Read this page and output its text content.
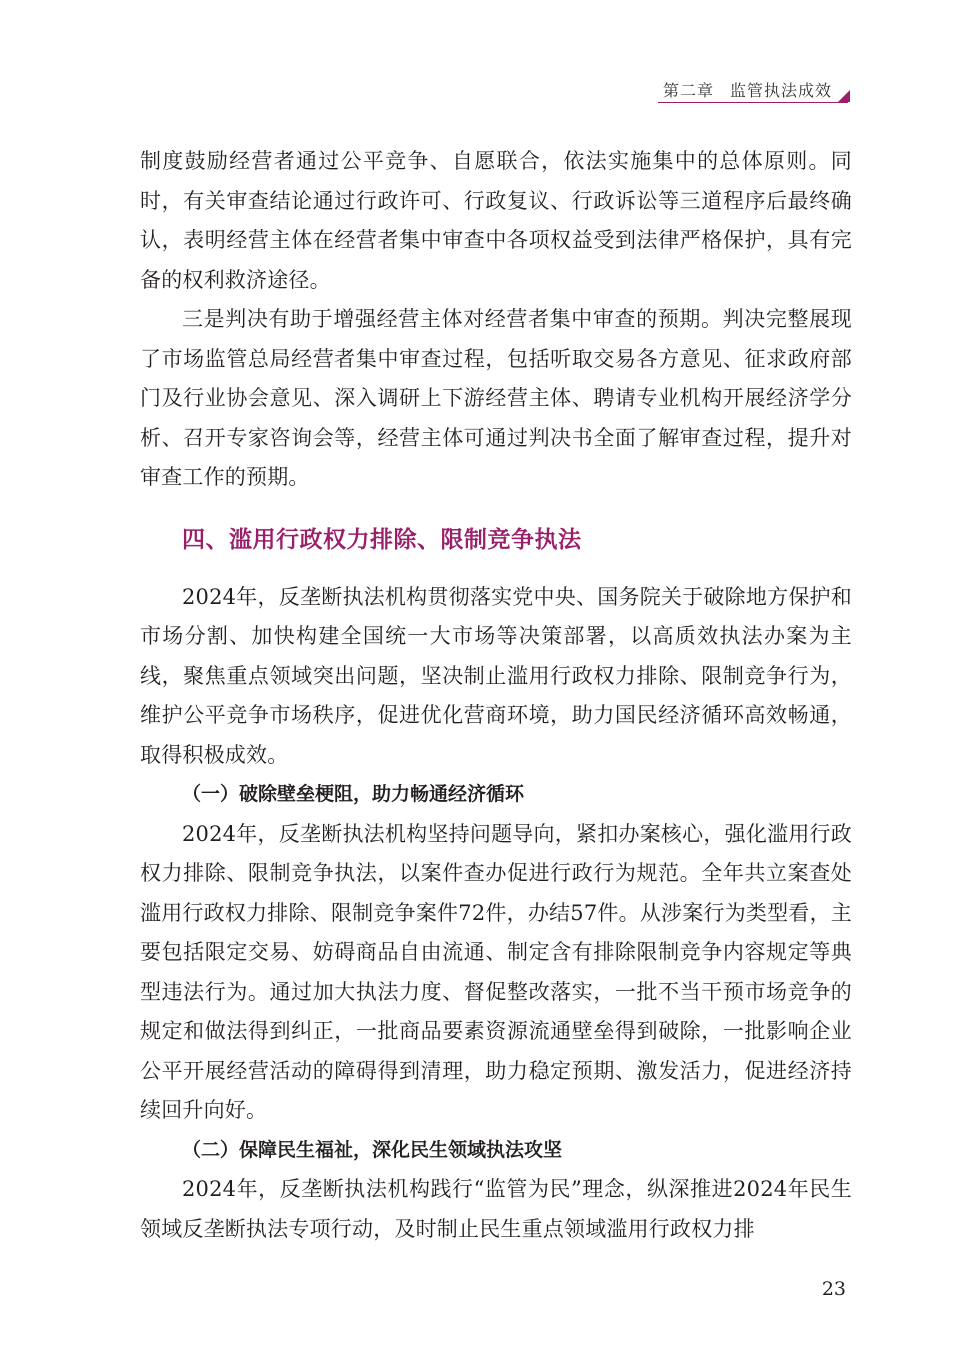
第二章 监管执法成效

制度鼓励经营者通过公平竞争、自愿联合，依法实施集中的总体原则。同时，有关审查结论通过行政许可、行政复议、行政诉讼等三道程序后最终确认，表明经营主体在经营者集中审查中各项权益受到法律严格保护，具有完备的权利救济途径。

三是判决有助于增强经营主体对经营者集中审查的预期。判决完整展现了市场监管总局经营者集中审查过程，包括听取交易各方意见、征求政府部门及行业协会意见、深入调研上下游经营主体、聘请专业机构开展经济学分析、召开专家咨询会等，经营主体可通过判决书全面了解审查过程，提升对审查工作的预期。

四、滥用行政权力排除、限制竞争执法

2024年，反垄断执法机构贯彻落实党中央、国务院关于破除地方保护和市场分割、加快构建全国统一大市场等决策部署，以高质效执法办案为主线，聚焦重点领域突出问题，坚决制止滥用行政权力排除、限制竞争行为，维护公平竞争市场秩序，促进优化营商环境，助力国民经济循环高效畅通，取得积极成效。

（一）破除壁垒梗阻，助力畅通经济循环

2024年，反垄断执法机构坚持问题导向，紧扣办案核心，强化滥用行政权力排除、限制竞争执法，以案件查办促进行政行为规范。全年共立案查处滥用行政权力排除、限制竞争案件72件，办结57件。从涉案行为类型看，主要包括限定交易、妨碍商品自由流通、制定含有排除限制竞争内容规定等典型违法行为。通过加大执法力度、督促整改落实，一批不当干预市场竞争的规定和做法得到纠正，一批商品要素资源流通壁垒得到破除，一批影响企业公平开展经营活动的障碍得到清理，助力稳定预期、激发活力，促进经济持续回升向好。

（二）保障民生福祉，深化民生领域执法攻坚

2024年，反垄断执法机构践行“监管为民”理念，纵深推进2024年民生领域反垄断执法专项行动，及时制止民生重点领域滥用行政权力排

23
